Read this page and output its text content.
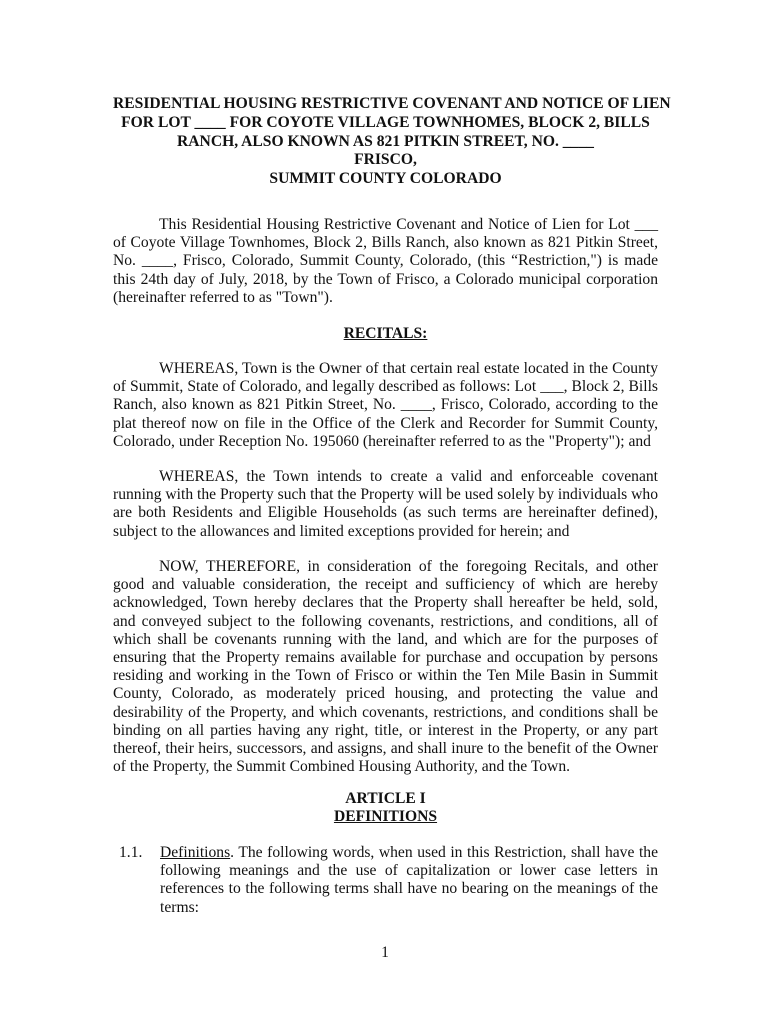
RESIDENTIAL HOUSING RESTRICTIVE COVENANT AND NOTICE OF LIEN
FOR LOT ____ FOR COYOTE VILLAGE TOWNHOMES, BLOCK 2, BILLS
RANCH, ALSO KNOWN AS 821 PITKIN STREET, NO. ____
FRISCO,
SUMMIT COUNTY COLORADO

This Residential Housing Restrictive Covenant and Notice of Lien for Lot ___ of Coyote Village Townhomes, Block 2, Bills Ranch, also known as 821 Pitkin Street, No. ____, Frisco, Colorado, Summit County, Colorado, (this “Restriction,") is made this 24th day of July, 2018, by the Town of Frisco, a Colorado municipal corporation (hereinafter referred to as "Town").

RECITALS:

WHEREAS, Town is the Owner of that certain real estate located in the County of Summit, State of Colorado, and legally described as follows: Lot ___, Block 2, Bills Ranch, also known as 821 Pitkin Street, No. ____, Frisco, Colorado, according to the plat thereof now on file in the Office of the Clerk and Recorder for Summit County, Colorado, under Reception No. 195060 (hereinafter referred to as the "Property"); and

WHEREAS, the Town intends to create a valid and enforceable covenant running with the Property such that the Property will be used solely by individuals who are both Residents and Eligible Households (as such terms are hereinafter defined), subject to the allowances and limited exceptions provided for herein; and

NOW, THEREFORE, in consideration of the foregoing Recitals, and other good and valuable consideration, the receipt and sufficiency of which are hereby acknowledged, Town hereby declares that the Property shall hereafter be held, sold, and conveyed subject to the following covenants, restrictions, and conditions, all of which shall be covenants running with the land, and which are for the purposes of ensuring that the Property remains available for purchase and occupation by persons residing and working in the Town of Frisco or within the Ten Mile Basin in Summit County, Colorado, as moderately priced housing, and protecting the value and desirability of the Property, and which covenants, restrictions, and conditions shall be binding on all parties having any right, title, or interest in the Property, or any part thereof, their heirs, successors, and assigns, and shall inure to the benefit of the Owner of the Property, the Summit Combined Housing Authority, and the Town.

ARTICLE I

DEFINITIONS

1.1. Definitions. The following words, when used in this Restriction, shall have the following meanings and the use of capitalization or lower case letters in references to the following terms shall have no bearing on the meanings of the terms:
1
